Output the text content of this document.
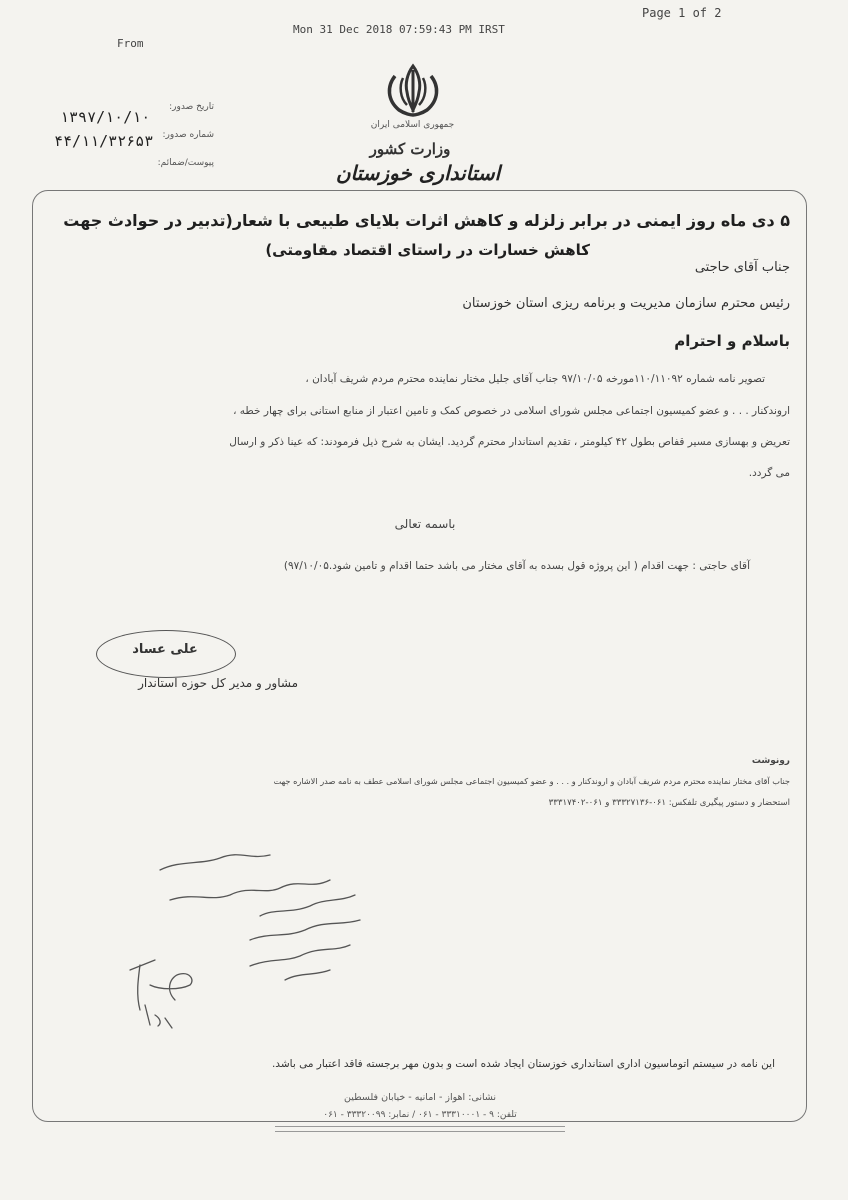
Mon 31 Dec 2018 07:59:43 PM IRST
Page 1 of 2
From
جمهوری اسلامی ایران
وزارت کشور
استانداری خوزستان
۱۳۹۷/۱۰/۱۰
تاریخ صدور:
۴۴/۱۱/۳۲۶۵۳ شماره صدور:
پیوست/ضمائم:
۵ دی ماه روز ایمنی در برابر زلزله و کاهش اثرات بلایای طبیعی با شعار(تدبیر در حوادث جهت
کاهش خسارات در راستای اقتصاد مقاومتی)
جناب آقای حاجتی
رئیس محترم سازمان مدیریت و برنامه ریزی استان خوزستان
باسلام و احترام
تصویر نامه شماره ۱۱۰/۱۱۰۹۲مورخه ۹۷/۱۰/۰۵ جناب آقای جلیل مختار نماینده محترم مردم شریف آبادان ،
اروندکنار . . . و عضو کمیسیون اجتماعی مجلس شورای اسلامی در خصوص کمک و تامین اعتبار از منابع استانی برای چهار خطه ،
تعریض و بهسازی مسیر قفاص بطول ۴۲ کیلومتر ، تقدیم استاندار محترم گردید. ایشان به شرح ذیل فرمودند: که عینا ذکر و ارسال
می گردد.
باسمه تعالی
آقای حاجتی : جهت اقدام ( این پروژه قول بسده به آقای مختار می باشد حتما اقدام و تامین شود.۹۷/۱۰/۰۵)
علی عساد
مشاور و مدیر کل حوزه استاندار
رونوشت
جناب آقای مختار نماینده محترم مردم شریف آبادان و اروندکنار و . . . و عضو کمیسیون اجتماعی مجلس شورای اسلامی عطف به نامه صدر الاشاره جهت
استحضار و دستور پیگیری تلفکس: ۰۶۱-۳۳۳۲۷۱۳۶ و ۰۶۱-۳۳۳۱۷۴۰۲
این نامه در سیستم اتوماسیون اداری استانداری خوزستان ایجاد شده است و بدون مهر برجسته فاقد اعتبار می باشد.
نشانی: اهواز - امانیه - خیابان فلسطین
تلفن: ۹ - ۳۳۳۱۰۰۰۱ - ۰۶۱ / نمابر: ۳۳۳۲۰۰۹۹ - ۰۶۱
